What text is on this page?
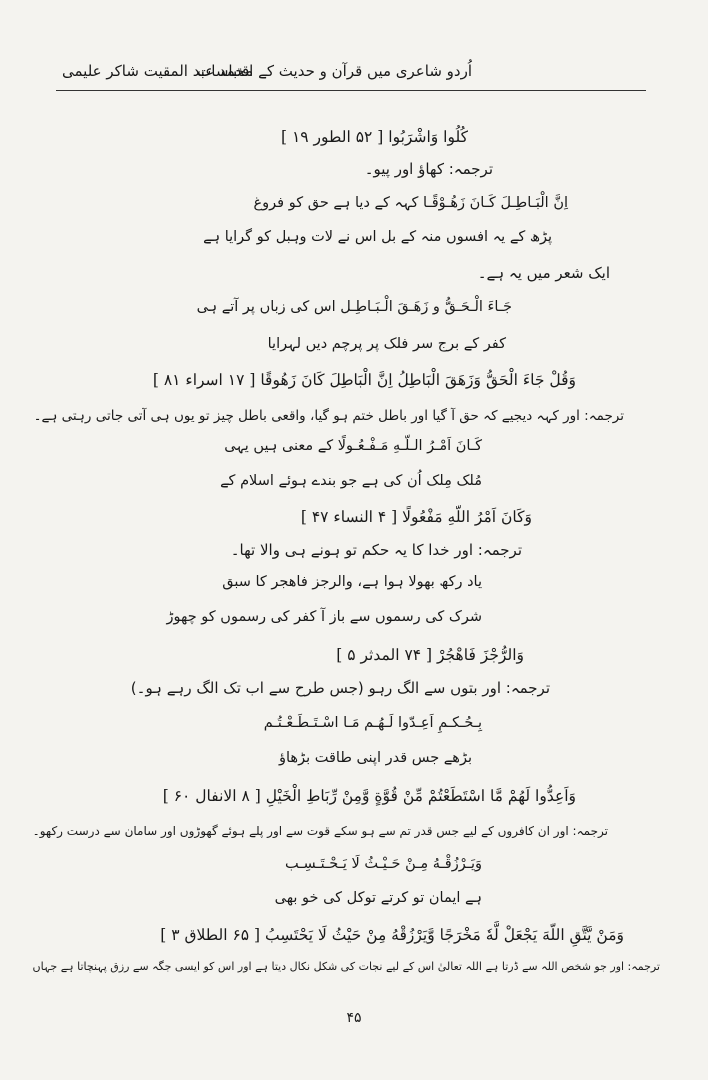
محمد عبد المقیت شاکر علیمی
اُردو شاعری میں قرآن و حدیث کے اقتباسات
كُلُوا وَاشْرَبُوا [ ۵۲ الطور ۱۹ ]
ترجمہ: کھاؤ اور پیو۔
اِنَّ الْبَـاطِـلَ كَـانَ زَهُـوْقًـا کہہ کے دیا ہے حق کو فروغ
پڑھ کے یہ افسوں منہ کے بل اس نے لات وہبل کو گرایا ہے
ایک شعر میں یہ ہے۔
جَـاءَ الْـحَـقُّ و زَهَـقَ الْـبَـاطِـل اس کی زباں پر آتے ہی
کفر کے برج سر فلک پر پرچم دیں لہرایا
وَقُلْ جَاءَ الْحَقُّ وَزَهَقَ الْبَاطِلُ اِنَّ الْبَاطِلَ كَانَ زَهُوقًا [ ۱۷ اسراء ۸۱ ]
ترجمہ: اور کہہ دیجیے کہ حق آ گیا اور باطل ختم ہو گیا، واقعی باطل چیز تو یوں ہی آتی جاتی رہتی ہے۔
كَـانَ اَمْـرُ الـلّـهِ مَـفْـعُـولًا کے معنی ہیں یہی
مُلک مِلک اُن کی ہے جو بندے ہوئے اسلام کے
وَكَانَ اَمْرُ اللّهِ مَفْعُولًا [ ۴ النساء ۴۷ ]
ترجمہ: اور خدا کا یہ حکم تو ہونے ہی والا تھا۔
یاد رکھ بھولا ہوا ہے، والرجز فاھجر کا سبق
شرک کی رسموں سے باز آ کفر کی رسموں کو چھوڑ
وَالرُّجْزَ فَاهْجُرْ [ ۷۴ المدثر ۵ ]
ترجمہ: اور بتوں سے الگ رہو (جس طرح سے اب تک الگ رہے ہو۔)
بِـحُـكـمِ اَعِـدّوا لَـهُـم مَـا اسْـتَـطَـعْـتُـم
بڑھے جس قدر اپنی طاقت بڑھاؤ
وَاَعِدُّوا لَهُمْ مَّا اسْتَطَعْتُمْ مِّنْ قُوَّةٍ وَّمِنْ رِّبَاطِ الْخَيْلِ [ ۸ الانفال ۶۰ ]
ترجمہ: اور ان کافروں کے لیے جس قدر تم سے ہو سکے قوت سے اور پلے ہوئے گھوڑوں اور سامان سے درست رکھو۔
وَيَـرْزُقْـهُ مِـنْ حَـيْـثُ لَا يَـحْـتَـسِـب
ہے ایمان تو کرتے توکل کی خو بھی
وَمَنْ يَّتَّقِ اللّهَ يَجْعَلْ لَّهٗ مَخْرَجًا وَّيَرْزُقْهُ مِنْ حَيْثُ لَا يَحْتَسِبُ [ ۶۵ الطلاق ۳ ]
ترجمہ: اور جو شخص اللہ سے ڈرتا ہے اللہ تعالیٰ اس کے لیے نجات کی شکل نکال دیتا ہے اور اس کو ایسی جگہ سے رزق پہنچاتا ہے جہاں
۴۵
